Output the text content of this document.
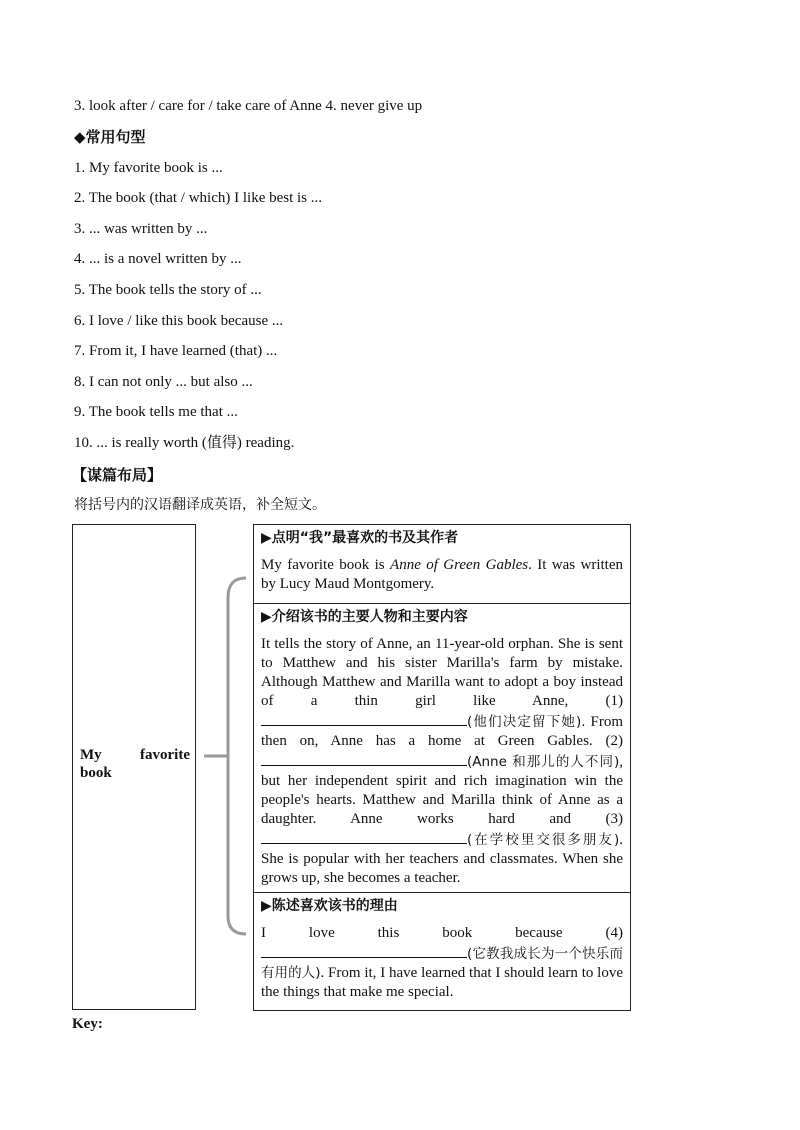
3. look after / care for / take care of Anne 4. never give up
◆常用句型
1. My favorite book is ...
2. The book (that / which) I like best is ...
3. ... was written by ...
4. ... is a novel written by ...
5. The book tells the story of ...
6. I love / like this book because ...
7. From it, I have learned (that) ...
8. I can not only ... but also ...
9. The book tells me that ...
10. ... is really worth (值得) reading.
【谋篇布局】
将括号内的汉语翻译成英语，补全短文。
My	favorite
book
▶点明“我”最喜欢的书及其作者
My favorite book is Anne of Green Gables. It was written by Lucy Maud Montgomery.
▶介绍该书的主要人物和主要内容
It tells the story of Anne, an 11-year-old orphan. She is sent to Matthew and his sister Marilla's farm by mistake. Although Matthew and Marilla want to adopt a boy instead of a thin girl like Anne, (1)(他们决定留下她). From then on, Anne has a home at Green Gables. (2)(Anne 和那儿的人不同), but her independent spirit and rich imagination win the people's hearts. Matthew and Marilla think of Anne as a daughter. Anne works hard and (3)(在学校里交很多朋友). She is popular with her teachers and classmates. When she grows up, she becomes a teacher.
▶陈述喜欢该书的理由
I love this book because	(4)(它教我成长为一个快乐而有用的人). From it, I have learned that I should learn to love the things that make me special.
Key:
